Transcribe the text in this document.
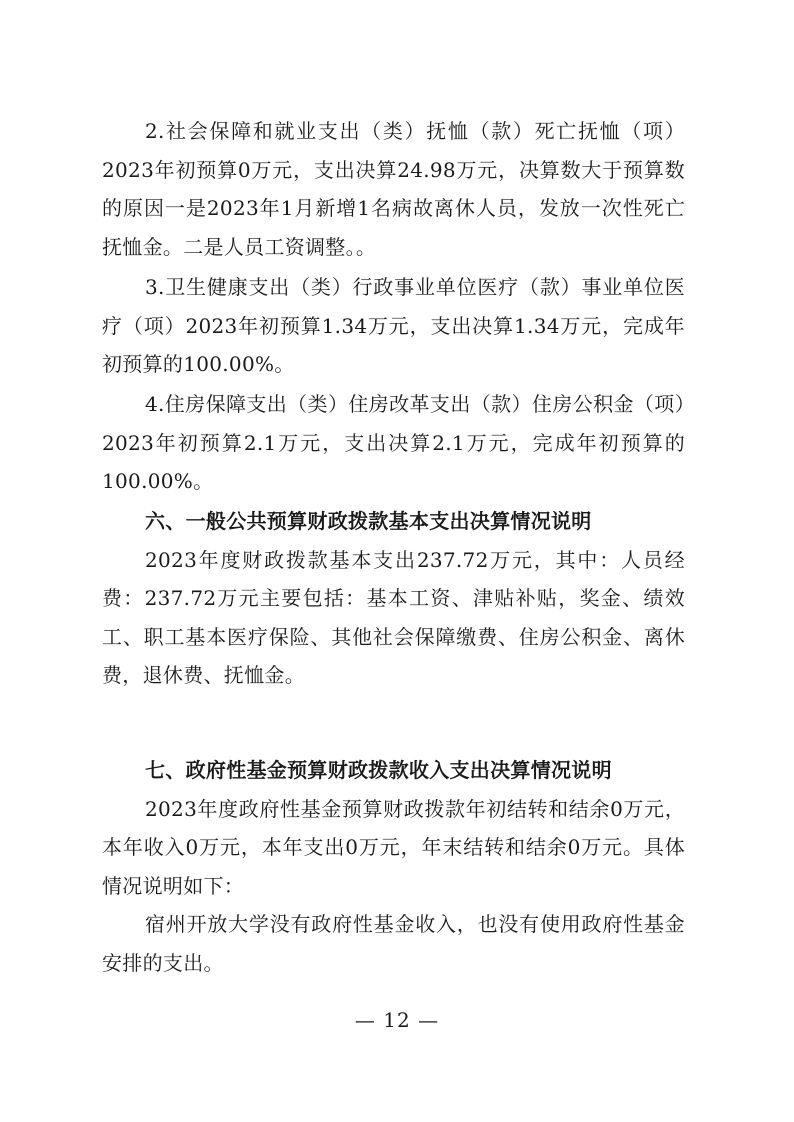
2.社会保障和就业支出（类）抚恤（款）死亡抚恤（项）2023年初预算0万元，支出决算24.98万元，决算数大于预算数的原因一是2023年1月新增1名病故离休人员，发放一次性死亡抚恤金。二是人员工资调整。。

3.卫生健康支出（类）行政事业单位医疗（款）事业单位医疗（项）2023年初预算1.34万元，支出决算1.34万元，完成年初预算的100.00%。

4.住房保障支出（类）住房改革支出（款）住房公积金（项）2023年初预算2.1万元，支出决算2.1万元，完成年初预算的100.00%。

六、一般公共预算财政拨款基本支出决算情况说明

2023年度财政拨款基本支出237.72万元，其中：人员经费：237.72万元主要包括：基本工资、津贴补贴，奖金、绩效工、职工基本医疗保险、其他社会保障缴费、住房公积金、离休费，退休费、抚恤金。

七、政府性基金预算财政拨款收入支出决算情况说明

2023年度政府性基金预算财政拨款年初结转和结余0万元，本年收入0万元，本年支出0万元，年末结转和结余0万元。具体情况说明如下：

宿州开放大学没有政府性基金收入，也没有使用政府性基金安排的支出。

— 12 —
